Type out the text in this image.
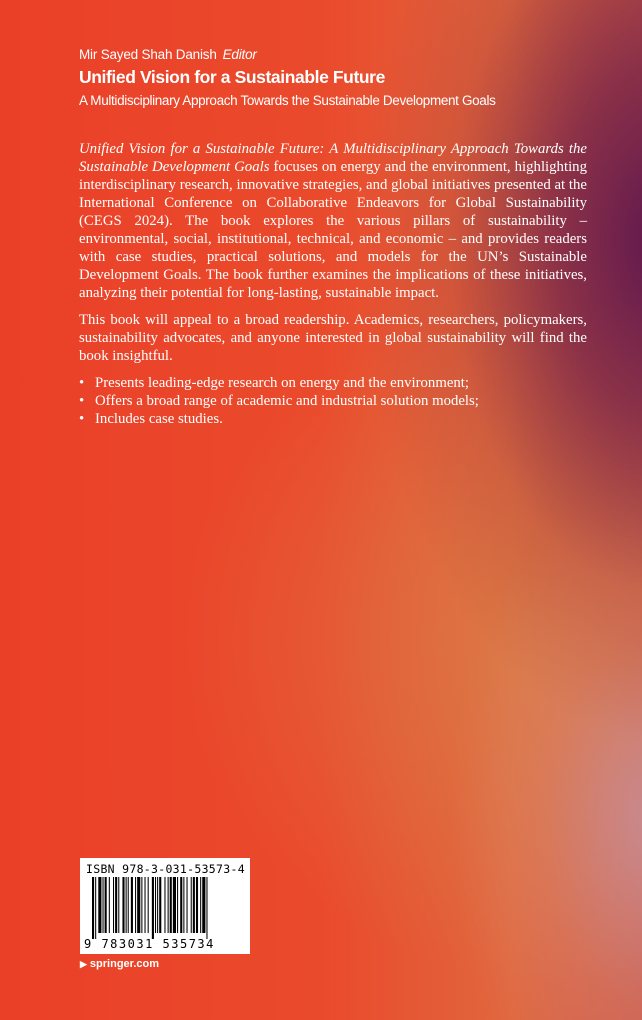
Mir Sayed Shah Danish Editor
Unified Vision for a Sustainable Future
A Multidisciplinary Approach Towards the Sustainable Development Goals

Unified Vision for a Sustainable Future: A Multidisciplinary Approach Towards the Sustainable Development Goals focuses on energy and the environment, highlighting interdisciplinary research, innovative strategies, and global initiatives presented at the International Conference on Collaborative Endeavors for Global Sustainability (CEGS 2024). The book explores the various pillars of sustainability – environmental, social, institutional, technical, and economic – and provides readers with case studies, practical solutions, and models for the UN’s Sustainable Development Goals. The book further examines the implications of these initiatives, analyzing their potential for long-lasting, sustainable impact.

This book will appeal to a broad readership. Academics, researchers, policymakers, sustainability advocates, and anyone interested in global sustainability will find the book insightful.

• Presents leading-edge research on energy and the environment;
• Offers a broad range of academic and industrial solution models;
• Includes case studies.
ISBN 978-3-031-53573-4
9 783031 535734
▶ springer.com
